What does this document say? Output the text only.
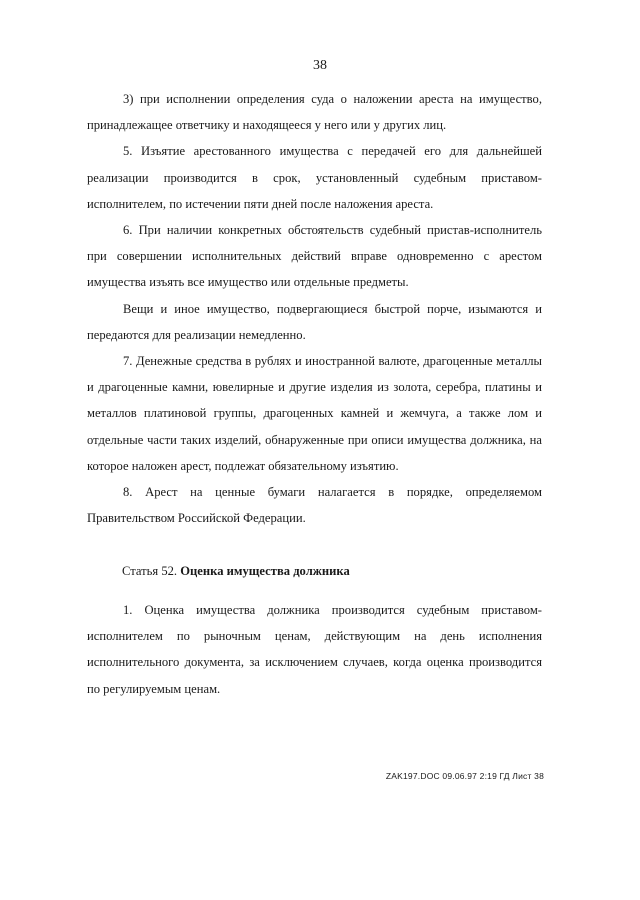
38

3) при исполнении определения суда о наложении ареста на имущество, принадлежащее ответчику и находящееся у него или у других лиц.

5. Изъятие арестованного имущества с передачей его для дальнейшей реализации производится в срок, установленный судебным приставом-исполнителем, по истечении пяти дней после наложения ареста.

6. При наличии конкретных обстоятельств судебный пристав-исполнитель при совершении исполнительных действий вправе одновременно с арестом имущества изъять все имущество или отдельные предметы.

Вещи и иное имущество, подвергающиеся быстрой порче, изымаются и передаются для реализации немедленно.

7. Денежные средства в рублях и иностранной валюте, драгоценные металлы и драгоценные камни, ювелирные и другие изделия из золота, серебра, платины и металлов платиновой группы, драгоценных камней и жемчуга, а также лом и отдельные части таких изделий, обнаруженные при описи имущества должника, на которое наложен арест, подлежат обязательному изъятию.

8. Арест на ценные бумаги налагается в порядке, определяемом Правительством Российской Федерации.

Статья 52. Оценка имущества должника

1. Оценка имущества должника производится судебным приставом-исполнителем по рыночным ценам, действующим на день исполнения исполнительного документа, за исключением случаев, когда оценка производится по регулируемым ценам.

ZAK197.DOC 09.06.97 2:19 ГД Лист 38
